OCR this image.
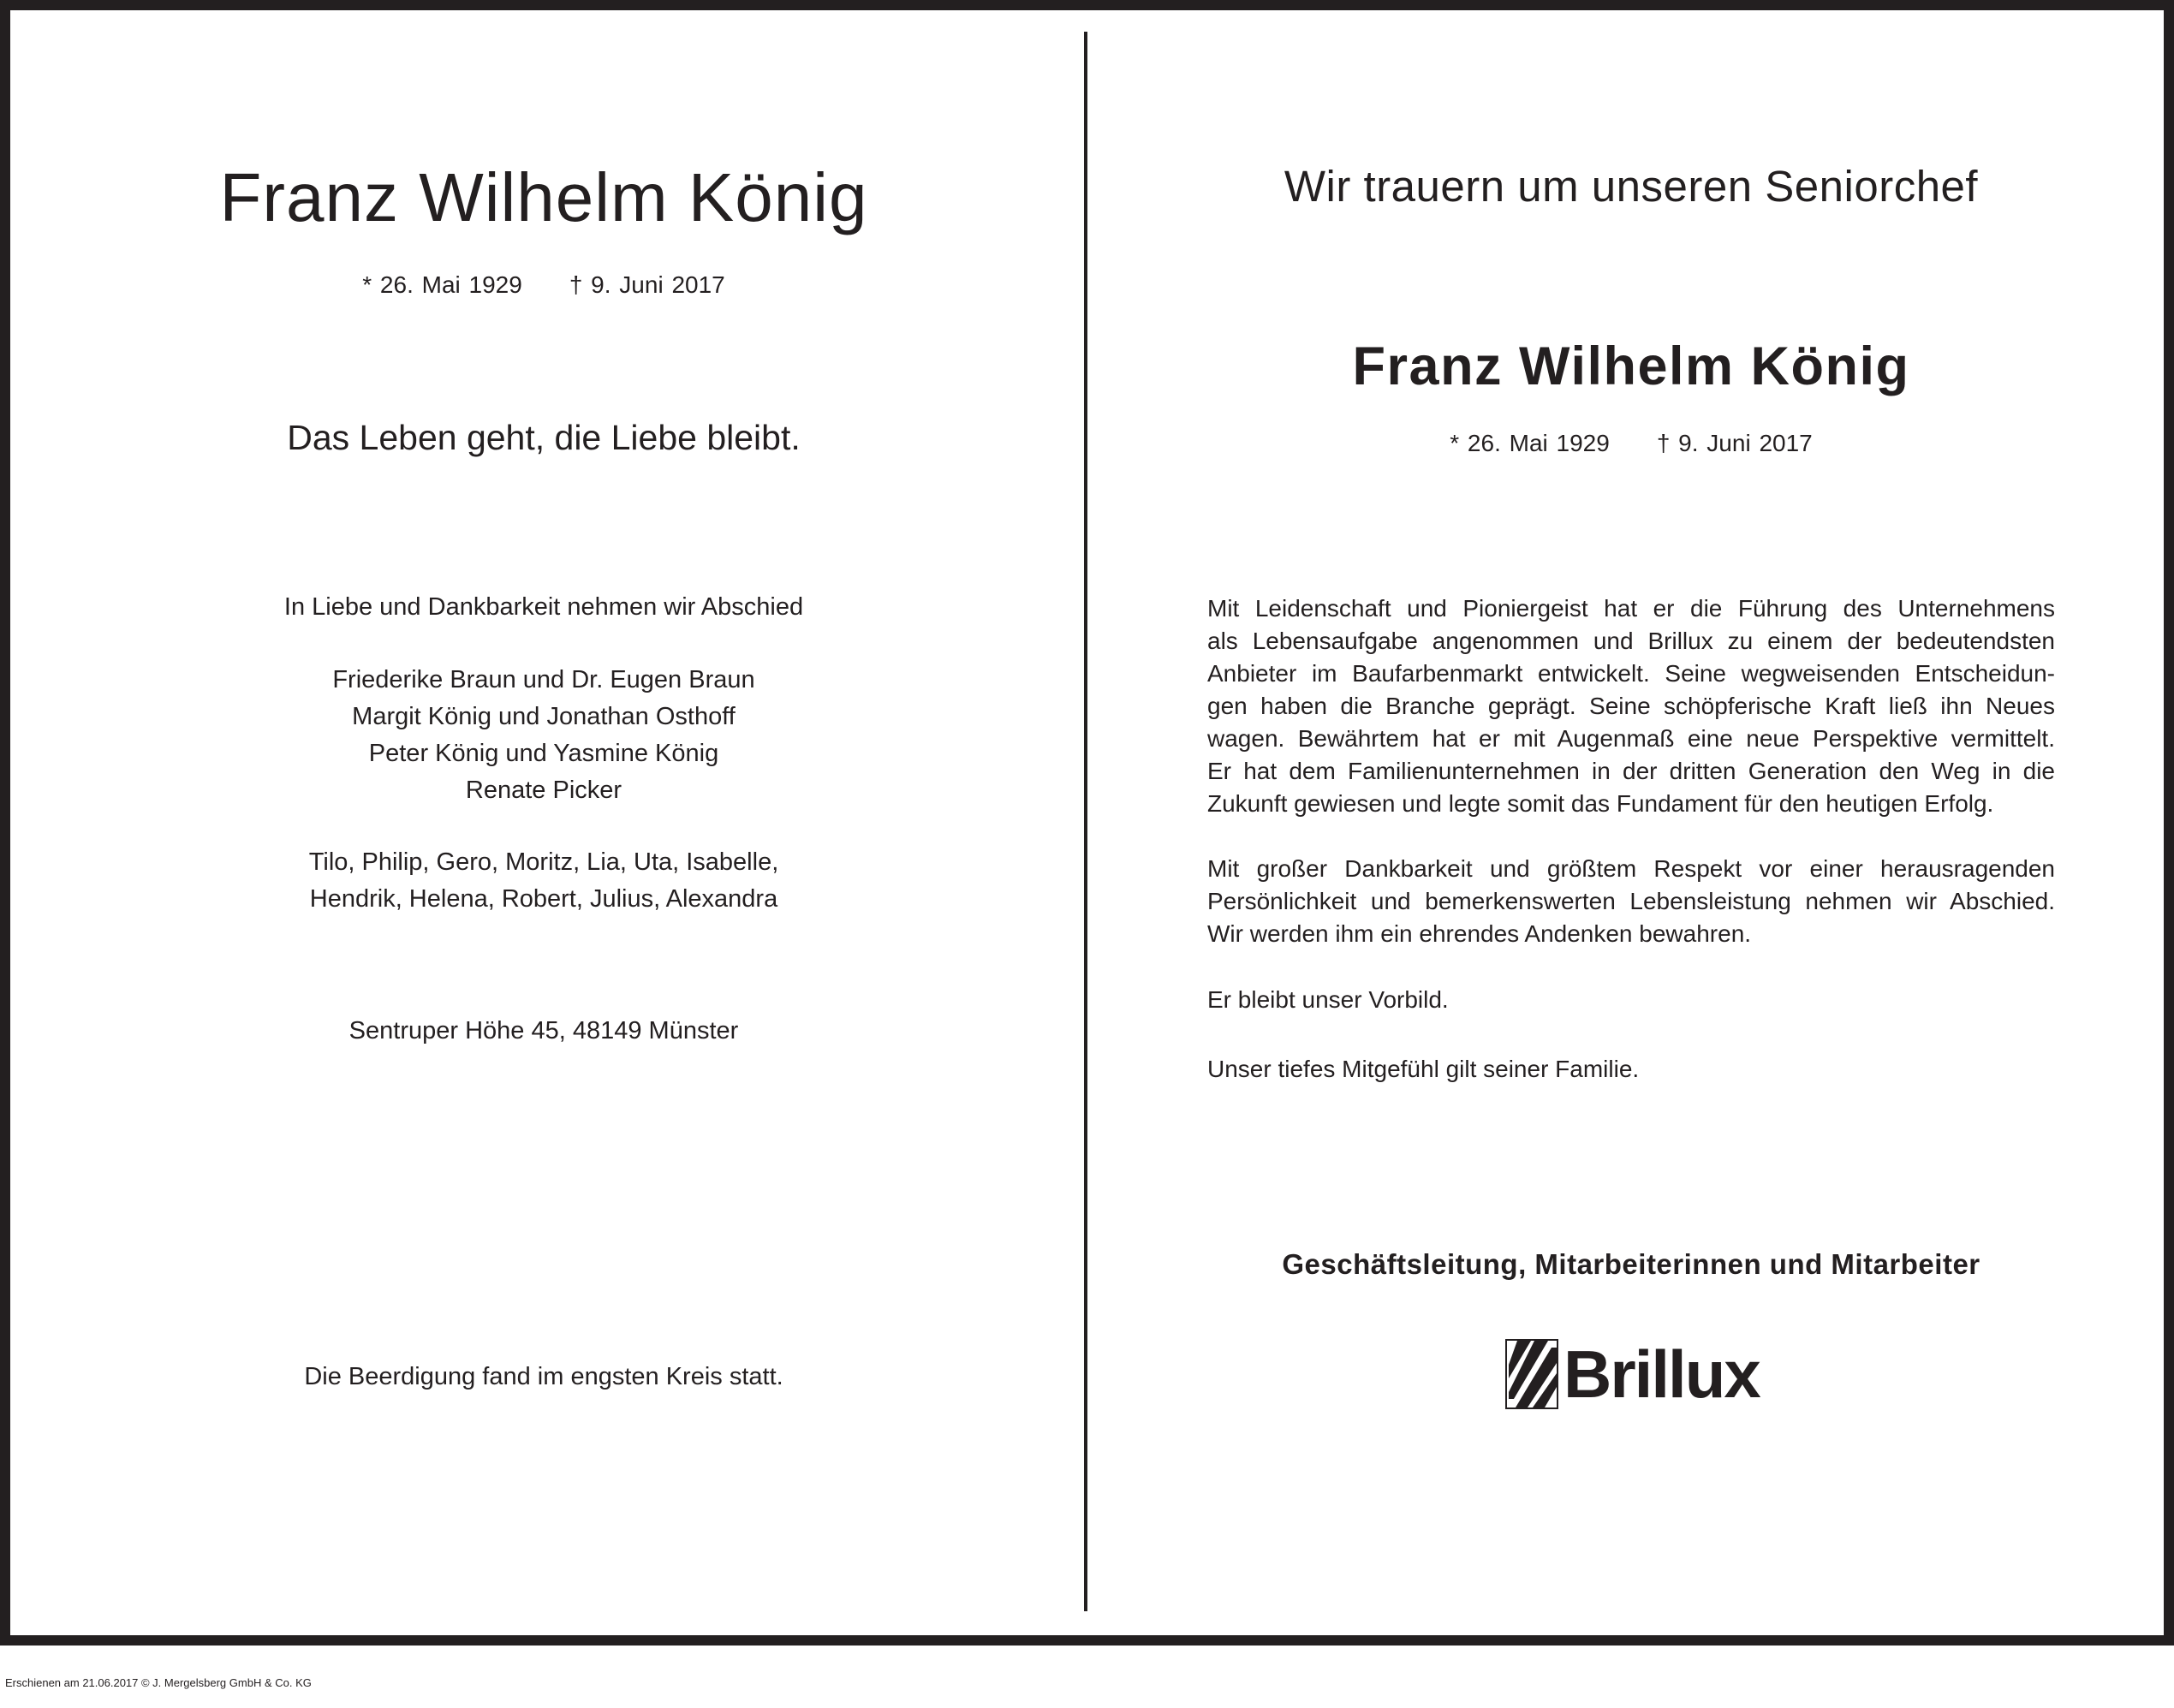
Franz Wilhelm König
* 26. Mai 1929 † 9. Juni 2017
Das Leben geht, die Liebe bleibt.
In Liebe und Dankbarkeit nehmen wir Abschied
Friederike Braun und Dr. Eugen Braun
Margit König und Jonathan Osthoff
Peter König und Yasmine König
Renate Picker
Tilo, Philip, Gero, Moritz, Lia, Uta, Isabelle,
Hendrik, Helena, Robert, Julius, Alexandra
Sentruper Höhe 45, 48149 Münster
Die Beerdigung fand im engsten Kreis statt.
Wir trauern um unseren Seniorchef
Franz Wilhelm König
* 26. Mai 1929 † 9. Juni 2017
Geschäftsleitung, Mitarbeiterinnen und Mitarbeiter
Mit Leidenschaft und Pioniergeist hat er die Führung des Unternehmens
als Lebensaufgabe angenommen und Brillux zu einem der bedeutendsten
Anbieter im Baufarbenmarkt entwickelt. Seine wegweisenden Entscheidun-
gen haben die Branche geprägt. Seine schöpferische Kraft ließ ihn Neues
wagen. Bewährtem hat er mit Augenmaß eine neue Perspektive vermittelt.
Er hat dem Familienunternehmen in der dritten Generation den Weg in die
Zukunft gewiesen und legte somit das Fundament für den heutigen Erfolg.
Mit großer Dankbarkeit und größtem Respekt vor einer herausragenden
Persönlichkeit und bemerkenswerten Lebensleistung nehmen wir Abschied.
Wir werden ihm ein ehrendes Andenken bewahren.
Er bleibt unser Vorbild.
Unser tiefes Mitgefühl gilt seiner Familie.
Brillux
Erschienen am 21.06.2017 © J. Mergelsberg GmbH & Co. KG
